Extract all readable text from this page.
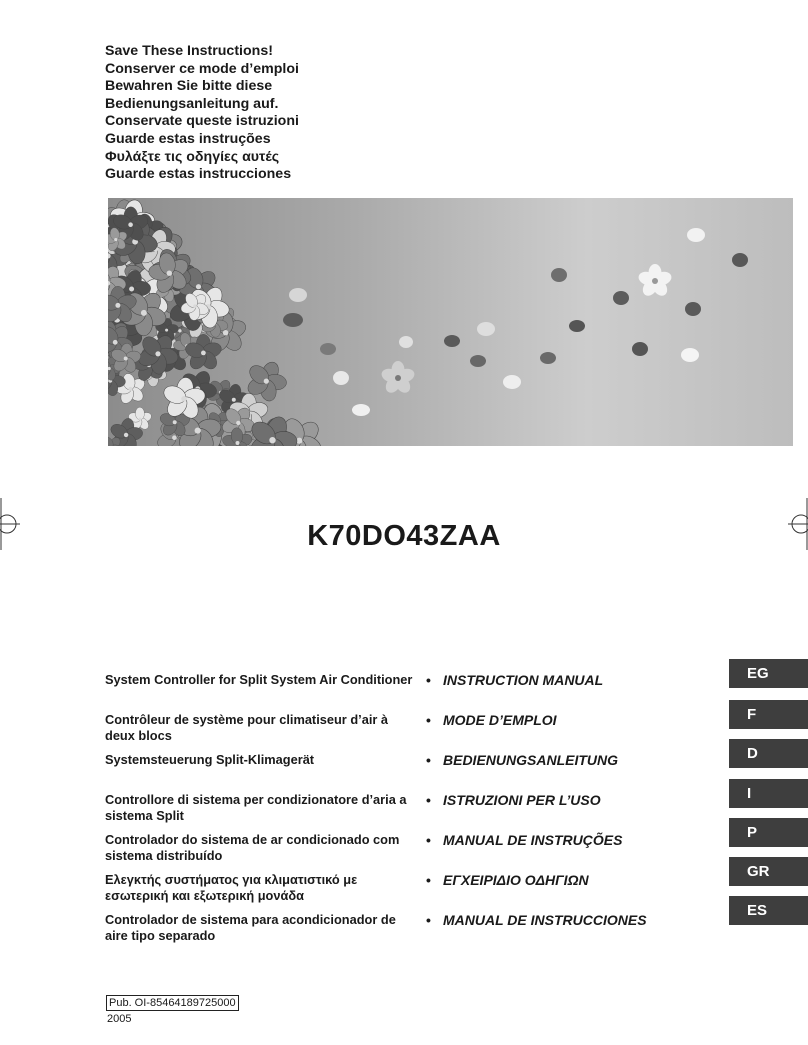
Save These Instructions!
Conserver ce mode d’emploi
Bewahren Sie bitte diese
Bedienungsanleitung auf.
Conservate queste istruzioni
Guarde estas instruções
Φυλάξτε τις οδηγίες αυτές
Guarde estas instrucciones
K70DO43ZAA
System Controller for Split System Air Conditioner • INSTRUCTION MANUAL
Contrôleur de système pour climatiseur d’air à deux blocs
• MODE D’EMPLOI
Systemsteuerung Split-Klimagerät	• BEDIENUNGSANLEITUNG
Controllore di sistema per condizionatore d’aria a sistema Split
• ISTRUZIONI PER L’USO
Controlador do sistema de ar condicionado com sistema distribuído
• MANUAL DE INSTRUÇÕES
Ελεγκτής συστήματος για κλιματιστικό με εσωτερική και εξωτερική μονάδα
• ΕΓΧΕΙΡΙΔΙΟ ΟΔΗΓΙΩΝ
Controlador de sistema para acondicionador de aire tipo separado
• MANUAL DE INSTRUCCIONES
EG
F
D
I
P
GR
ES
Pub. OI-85464189725000
2005
